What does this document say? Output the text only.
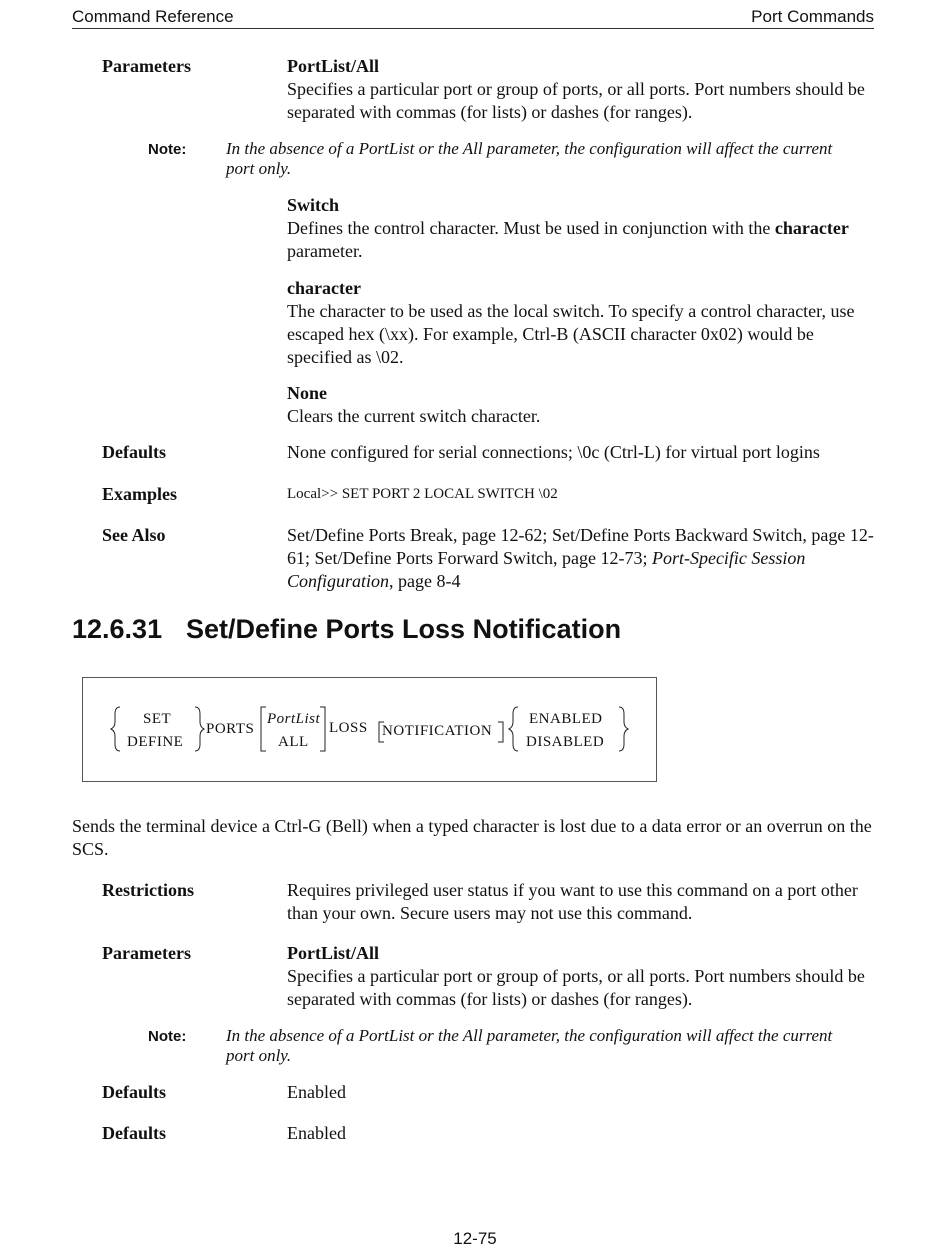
Command Reference	Port Commands
Parameters	PortList/All
Specifies a particular port or group of ports, or all ports. Port numbers should be separated with commas (for lists) or dashes (for ranges).
Note: In the absence of a PortList or the All parameter, the configuration will affect the current port only.
Switch
Defines the control character. Must be used in conjunction with the character parameter.
character
The character to be used as the local switch. To specify a control character, use escaped hex (\xx). For example, Ctrl-B (ASCII character 0x02) would be specified as \02.
None
Clears the current switch character.
Defaults	None configured for serial connections; \0c (Ctrl-L) for virtual port logins
Examples	Local>> SET PORT 2 LOCAL SWITCH \02
See Also	Set/Define Ports Break, page 12-62; Set/Define Ports Backward Switch, page 12-61; Set/Define Ports Forward Switch, page 12-73; Port-Specific Session Configuration, page 8-4
12.6.31 Set/Define Ports Loss Notification
SET
DEFINE
PORTS
PortList
ALL
LOSS NOTIFICATION
ENABLED
DISABLED
Sends the terminal device a Ctrl-G (Bell) when a typed character is lost due to a data error or an overrun on the SCS.
Restrictions	Requires privileged user status if you want to use this command on a port other than your own. Secure users may not use this command.
Parameters	PortList/All
Specifies a particular port or group of ports, or all ports. Port numbers should be separated with commas (for lists) or dashes (for ranges).
Note: In the absence of a PortList or the All parameter, the configuration will affect the current port only.
Defaults	Enabled
Defaults	Enabled
12-75
